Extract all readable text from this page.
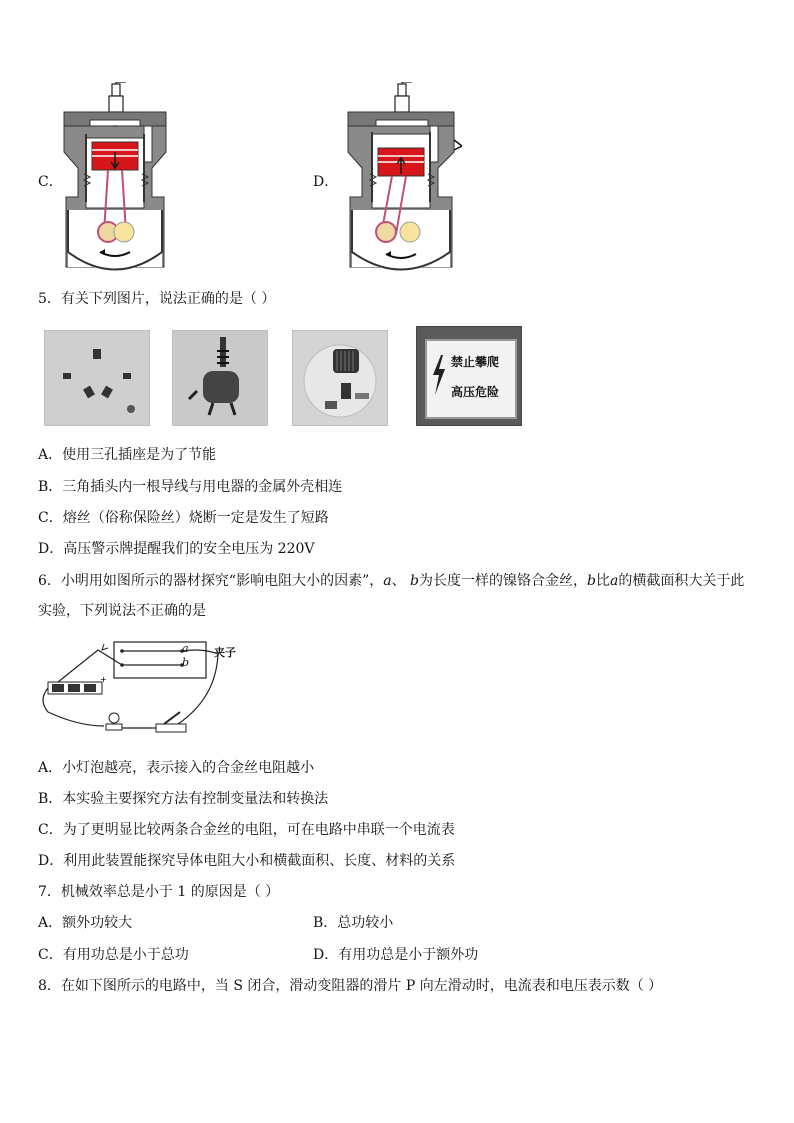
C．	D．
5．有关下列图片，说法正确的是（ ）
禁止攀爬
高压危险
A．使用三孔插座是为了节能
B．三角插头内一根导线与用电器的金属外壳相连
C．熔丝（俗称保险丝）烧断一定是发生了短路
D．高压警示牌提醒我们的安全电压为 220V
6．小明用如图所示的器材探究“影响电阻大小的因素”，a、 b为长度一样的镍铬合金丝，b比a的横截面积大关于此
实验，下列说法不正确的是
+
夹子
a
b
A．小灯泡越亮，表示接入的合金丝电阻越小
B．本实验主要探究方法有控制变量法和转换法
C．为了更明显比较两条合金丝的电阻，可在电路中串联一个电流表
D．利用此装置能探究导体电阻大小和横截面积、长度、材料的关系
7．机械效率总是小于 1 的原因是（ ）
A．额外功较大	B．总功较小
C．有用功总是小于总功	D．有用功总是小于额外功
8．在如下图所示的电路中，当 S 闭合，滑动变阻器的滑片 P 向左滑动时，电流表和电压表示数（ ）
